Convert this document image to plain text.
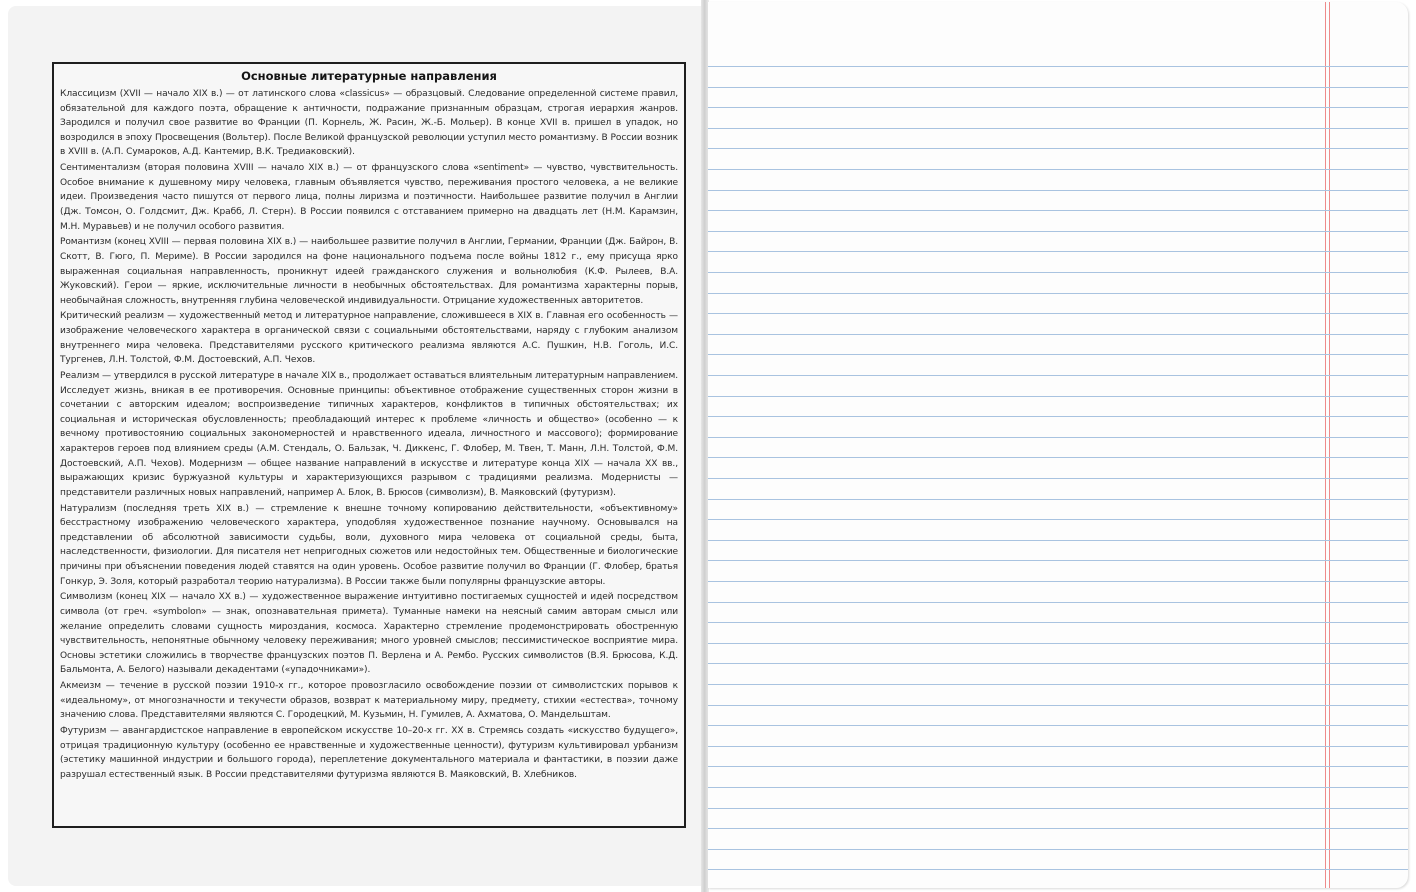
Основные литературные направления

Классицизм (XVII — начало XIX в.) — от латинского слова «classicus» — образцовый. Следование определенной системе правил, обязательной для каждого поэта, обращение к античности, подражание признанным образцам, строгая иерархия жанров. Зародился и получил свое развитие во Франции (П. Корнель, Ж. Расин, Ж.-Б. Мольер). В конце XVII в. пришел в упадок, но возродился в эпоху Просвещения (Вольтер). После Великой французской революции уступил место романтизму. В России возник в XVIII в. (А.П. Сумароков, А.Д. Кантемир, В.К. Тредиаковский).

Сентиментализм (вторая половина XVIII — начало XIX в.) — от французского слова «sentiment» — чувство, чувствительность. Особое внимание к душевному миру человека, главным объявляется чувство, переживания простого человека, а не великие идеи. Произведения часто пишутся от первого лица, полны лиризма и поэтичности. Наибольшее развитие получил в Англии (Дж. Томсон, О. Голдсмит, Дж. Крабб, Л. Стерн). В России появился с отставанием примерно на двадцать лет (Н.М. Карамзин, М.Н. Муравьев) и не получил особого развития.

Романтизм (конец XVIII — первая половина XIX в.) — наибольшее развитие получил в Англии, Германии, Франции (Дж. Байрон, В. Скотт, В. Гюго, П. Мериме). В России зародился на фоне национального подъема после войны 1812 г., ему присуща ярко выраженная социальная направленность, проникнут идеей гражданского служения и вольнолюбия (К.Ф. Рылеев, В.А. Жуковский). Герои — яркие, исключительные личности в необычных обстоятельствах. Для романтизма характерны порыв, необычайная сложность, внутренняя глубина человеческой индивидуальности. Отрицание художественных авторитетов.

Критический реализм — художественный метод и литературное направление, сложившееся в XIX в. Главная его особенность — изображение человеческого характера в органической связи с социальными обстоятельствами, наряду с глубоким анализом внутреннего мира человека. Представителями русского критического реализма являются А.С. Пушкин, Н.В. Гоголь, И.С. Тургенев, Л.Н. Толстой, Ф.М. Достоевский, А.П. Чехов.

Реализм — утвердился в русской литературе в начале XIX в., продолжает оставаться влиятельным литературным направлением. Исследует жизнь, вникая в ее противоречия. Основные принципы: объективное отображение существенных сторон жизни в сочетании с авторским идеалом; воспроизведение типичных характеров, конфликтов в типичных обстоятельствах; их социальная и историческая обусловленность; преобладающий интерес к проблеме «личность и общество» (особенно — к вечному противостоянию социальных закономерностей и нравственного идеала, личностного и массового); формирование характеров героев под влиянием среды (А.М. Стендаль, О. Бальзак, Ч. Диккенс, Г. Флобер, М. Твен, Т. Манн, Л.Н. Толстой, Ф.М. Достоевский, А.П. Чехов). Модернизм — общее название направлений в искусстве и литературе конца XIX — начала XX вв., выражающих кризис буржуазной культуры и характеризующихся разрывом с традициями реализма. Модернисты — представители различных новых направлений, например А. Блок, В. Брюсов (символизм), В. Маяковский (футуризм).

Натурализм (последняя треть XIX в.) — стремление к внешне точному копированию действительности, «объективному» бесстрастному изображению человеческого характера, уподобляя художественное познание научному. Основывался на представлении об абсолютной зависимости судьбы, воли, духовного мира человека от социальной среды, быта, наследственности, физиологии. Для писателя нет непригодных сюжетов или недостойных тем. Общественные и биологические причины при объяснении поведения людей ставятся на один уровень. Особое развитие получил во Франции (Г. Флобер, братья Гонкур, Э. Золя, который разработал теорию натурализма). В России также были популярны французские авторы.

Символизм (конец XIX — начало XX в.) — художественное выражение интуитивно постигаемых сущностей и идей посредством символа (от греч. «symbolon» — знак, опознавательная примета). Туманные намеки на неясный самим авторам смысл или желание определить словами сущность мироздания, космоса. Характерно стремление продемонстрировать обостренную чувствительность, непонятные обычному человеку переживания; много уровней смыслов; пессимистическое восприятие мира. Основы эстетики сложились в творчестве французских поэтов П. Верлена и А. Рембо. Русских символистов (В.Я. Брюсова, К.Д. Бальмонта, А. Белого) называли декадентами («упадочниками»).

Акмеизм — течение в русской поэзии 1910-х гг., которое провозгласило освобождение поэзии от символистских порывов к «идеальному», от многозначности и текучести образов, возврат к материальному миру, предмету, стихии «естества», точному значению слова. Представителями являются С. Городецкий, М. Кузьмин, Н. Гумилев, А. Ахматова, О. Мандельштам.

Футуризм — авангардистское направление в европейском искусстве 10–20-х гг. XX в. Стремясь создать «искусство будущего», отрицая традиционную культуру (особенно ее нравственные и художественные ценности), футуризм культивировал урбанизм (эстетику машинной индустрии и большого города), переплетение документального материала и фантастики, в поэзии даже разрушал естественный язык. В России представителями футуризма являются В. Маяковский, В. Хлебников.
